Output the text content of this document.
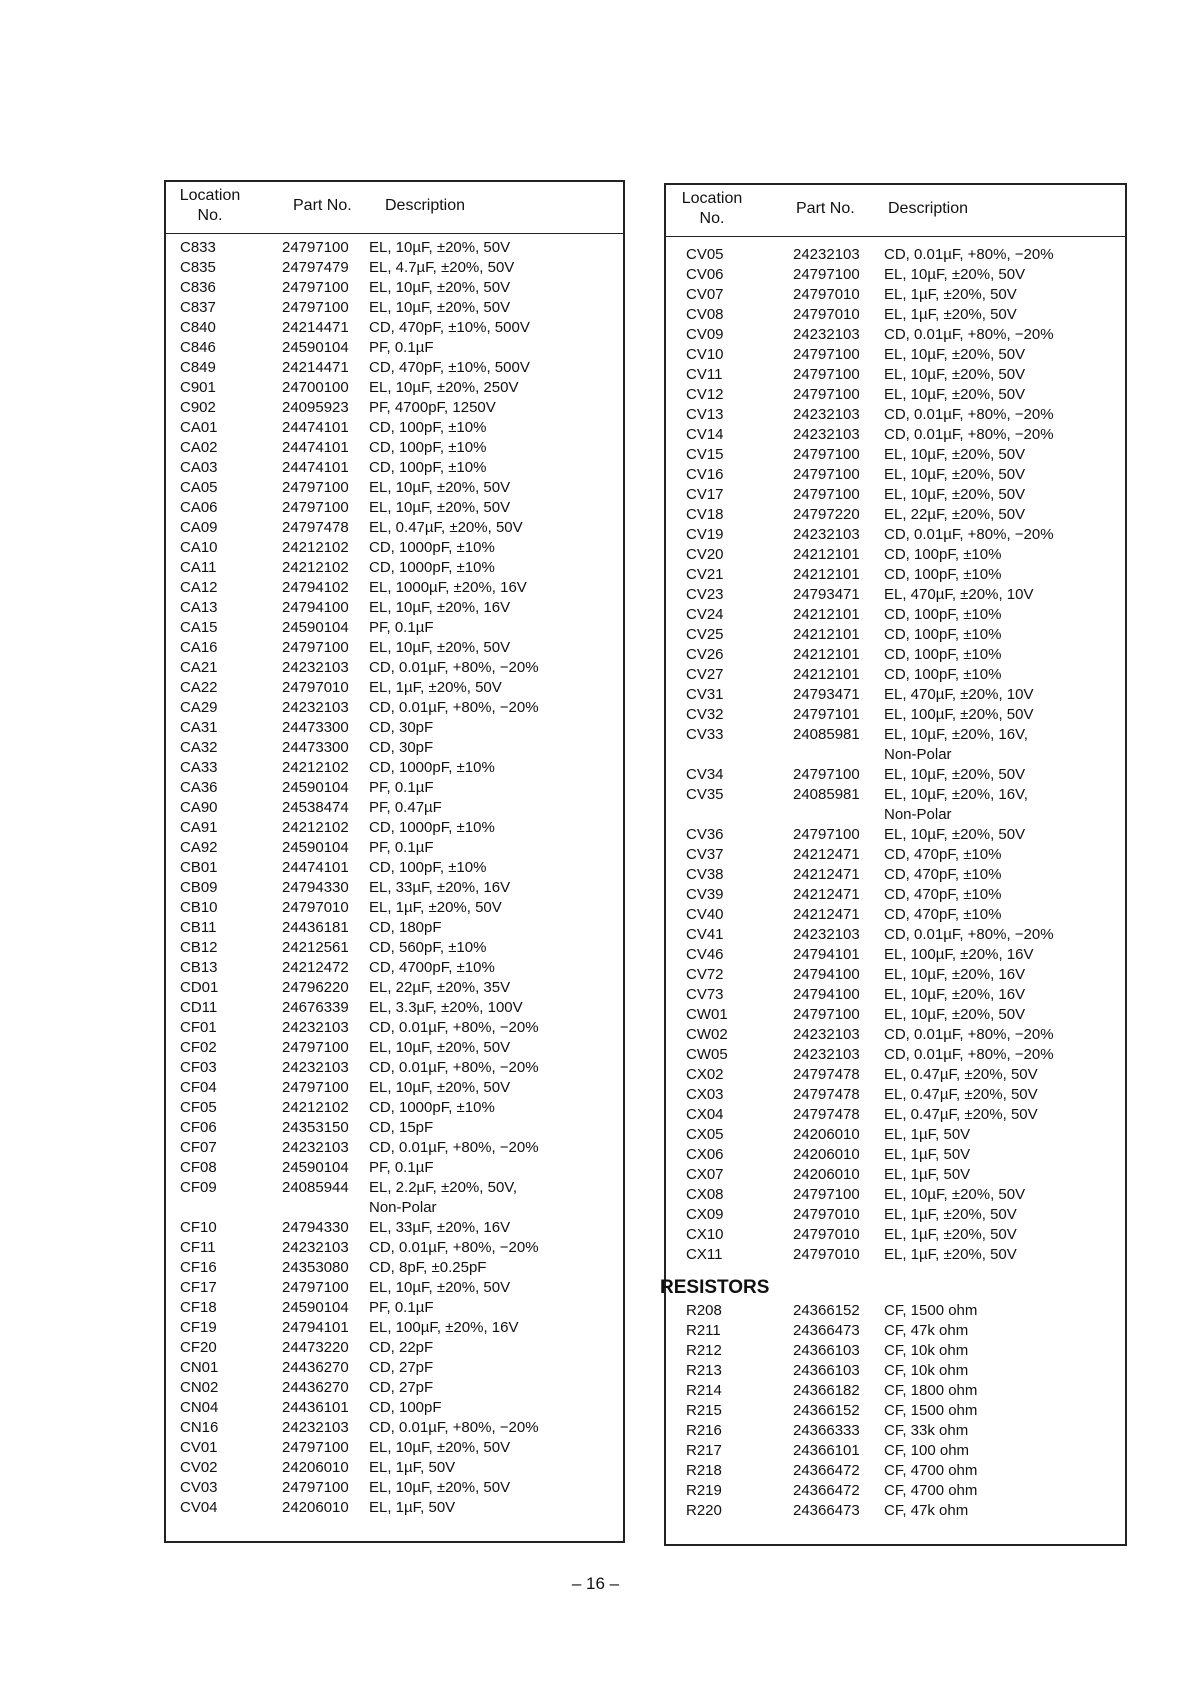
Location
No.
Part No. Description
C833	24797100 EL, 10µF, ±20%, 50V
C835	24797479 EL, 4.7µF, ±20%, 50V
C836	24797100 EL, 10µF, ±20%, 50V
C837	24797100 EL, 10µF, ±20%, 50V
C840	24214471 CD, 470pF, ±10%, 500V
C846	24590104 PF, 0.1µF
C849	24214471 CD, 470pF, ±10%, 500V
C901	24700100 EL, 10µF, ±20%, 250V
C902	24095923 PF, 4700pF, 1250V
CA01	24474101 CD, 100pF, ±10%
CA02	24474101 CD, 100pF, ±10%
CA03	24474101 CD, 100pF, ±10%
CA05	24797100 EL, 10µF, ±20%, 50V
CA06	24797100 EL, 10µF, ±20%, 50V
CA09	24797478 EL, 0.47µF, ±20%, 50V
CA10	24212102 CD, 1000pF, ±10%
CA11	24212102 CD, 1000pF, ±10%
CA12	24794102 EL, 1000µF, ±20%, 16V
CA13	24794100 EL, 10µF, ±20%, 16V
CA15	24590104 PF, 0.1µF
CA16	24797100 EL, 10µF, ±20%, 50V
CA21	24232103 CD, 0.01µF, +80%, −20%
CA22	24797010 EL, 1µF, ±20%, 50V
CA29	24232103 CD, 0.01µF, +80%, −20%
CA31	24473300 CD, 30pF
CA32	24473300 CD, 30pF
CA33	24212102 CD, 1000pF, ±10%
CA36	24590104 PF, 0.1µF
CA90	24538474 PF, 0.47µF
CA91	24212102 CD, 1000pF, ±10%
CA92	24590104 PF, 0.1µF
CB01	24474101 CD, 100pF, ±10%
CB09	24794330 EL, 33µF, ±20%, 16V
CB10	24797010 EL, 1µF, ±20%, 50V
CB11	24436181 CD, 180pF
CB12	24212561 CD, 560pF, ±10%
CB13	24212472 CD, 4700pF, ±10%
CD01	24796220 EL, 22µF, ±20%, 35V
CD11	24676339 EL, 3.3µF, ±20%, 100V
CF01	24232103 CD, 0.01µF, +80%, −20%
CF02	24797100 EL, 10µF, ±20%, 50V
CF03	24232103 CD, 0.01µF, +80%, −20%
CF04	24797100 EL, 10µF, ±20%, 50V
CF05	24212102 CD, 1000pF, ±10%
CF06	24353150 CD, 15pF
CF07	24232103 CD, 0.01µF, +80%, −20%
CF08	24590104 PF, 0.1µF
CF09	24085944 EL, 2.2µF, ±20%, 50V,
Non-Polar
CF10	24794330 EL, 33µF, ±20%, 16V
CF11	24232103 CD, 0.01µF, +80%, −20%
CF16	24353080 CD, 8pF, ±0.25pF
CF17	24797100 EL, 10µF, ±20%, 50V
CF18	24590104 PF, 0.1µF
CF19	24794101 EL, 100µF, ±20%, 16V
CF20	24473220 CD, 22pF
CN01	24436270 CD, 27pF
CN02	24436270 CD, 27pF
CN04	24436101 CD, 100pF
CN16	24232103 CD, 0.01µF, +80%, −20%
CV01	24797100 EL, 10µF, ±20%, 50V
CV02	24206010 EL, 1µF, 50V
CV03	24797100 EL, 10µF, ±20%, 50V
CV04	24206010 EL, 1µF, 50V
Location
No.
Part No. Description
CV05	24232103 CD, 0.01µF, +80%, −20%
CV06	24797100 EL, 10µF, ±20%, 50V
CV07	24797010 EL, 1µF, ±20%, 50V
CV08	24797010 EL, 1µF, ±20%, 50V
CV09	24232103 CD, 0.01µF, +80%, −20%
CV10	24797100 EL, 10µF, ±20%, 50V
CV11	24797100 EL, 10µF, ±20%, 50V
CV12	24797100 EL, 10µF, ±20%, 50V
CV13	24232103 CD, 0.01µF, +80%, −20%
CV14	24232103 CD, 0.01µF, +80%, −20%
CV15	24797100 EL, 10µF, ±20%, 50V
CV16	24797100 EL, 10µF, ±20%, 50V
CV17	24797100 EL, 10µF, ±20%, 50V
CV18	24797220 EL, 22µF, ±20%, 50V
CV19	24232103 CD, 0.01µF, +80%, −20%
CV20	24212101 CD, 100pF, ±10%
CV21	24212101 CD, 100pF, ±10%
CV23	24793471 EL, 470µF, ±20%, 10V
CV24	24212101 CD, 100pF, ±10%
CV25	24212101 CD, 100pF, ±10%
CV26	24212101 CD, 100pF, ±10%
CV27	24212101 CD, 100pF, ±10%
CV31	24793471 EL, 470µF, ±20%, 10V
CV32	24797101 EL, 100µF, ±20%, 50V
CV33	24085981 EL, 10µF, ±20%, 16V,
Non-Polar
CV34	24797100 EL, 10µF, ±20%, 50V
CV35	24085981 EL, 10µF, ±20%, 16V,
Non-Polar
CV36	24797100 EL, 10µF, ±20%, 50V
CV37	24212471 CD, 470pF, ±10%
CV38	24212471 CD, 470pF, ±10%
CV39	24212471 CD, 470pF, ±10%
CV40	24212471 CD, 470pF, ±10%
CV41	24232103 CD, 0.01µF, +80%, −20%
CV46	24794101 EL, 100µF, ±20%, 16V
CV72	24794100 EL, 10µF, ±20%, 16V
CV73	24794100 EL, 10µF, ±20%, 16V
CW01	24797100 EL, 10µF, ±20%, 50V
CW02	24232103 CD, 0.01µF, +80%, −20%
CW05	24232103 CD, 0.01µF, +80%, −20%
CX02	24797478 EL, 0.47µF, ±20%, 50V
CX03	24797478 EL, 0.47µF, ±20%, 50V
CX04	24797478 EL, 0.47µF, ±20%, 50V
CX05	24206010 EL, 1µF, 50V
CX06	24206010 EL, 1µF, 50V
CX07	24206010 EL, 1µF, 50V
CX08	24797100 EL, 10µF, ±20%, 50V
CX09	24797010 EL, 1µF, ±20%, 50V
CX10	24797010 EL, 1µF, ±20%, 50V
CX11	24797010 EL, 1µF, ±20%, 50V
RESISTORS
R208	24366152 CF, 1500 ohm
R211	24366473 CF, 47k ohm
R212	24366103 CF, 10k ohm
R213	24366103 CF, 10k ohm
R214	24366182 CF, 1800 ohm
R215	24366152 CF, 1500 ohm
R216	24366333 CF, 33k ohm
R217	24366101 CF, 100 ohm
R218	24366472 CF, 4700 ohm
R219	24366472 CF, 4700 ohm
R220	24366473 CF, 47k ohm
– 16 –
